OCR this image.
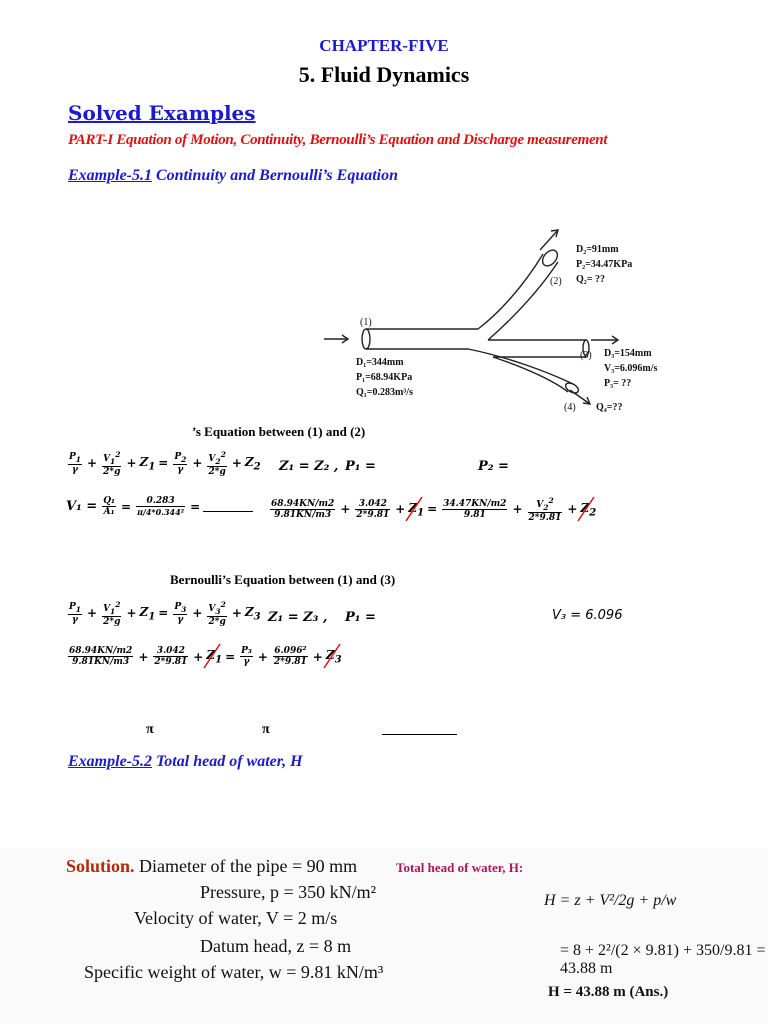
CHAPTER-FIVE
5. Fluid Dynamics
Solved Examples
PART-I Equation of Motion, Continuity, Bernoulli’s Equation and Discharge measurement
Example-5.1 Continuity and Bernoulli’s Equation
(1)
(2)
(3)
(4)
D₂=91mm
P₂=34.47KPa
Q₂= ??
D₁=344mm
P₁=68.94KPa
Q₁=0.283m³/s
D₃=154mm
V₃=6.096m/s
P₃= ??
Q₄=??
’s Equation between (1) and (2)
$\frac{P_1}{\gamma} + \frac{V_1^2}{2*g} + Z_1 = \frac{P_2}{\gamma} + \frac{V_2^2}{2*g} + Z_2$ Z₁ = Z₂ , P₁ =	P₂ =
$V_1 = \frac{\text{Q₁}}{\text{A₁}} = \frac{0.283}{\text{π/4*0.344²}}$ =	$\frac{68.94KN/m2}{9.81KN/m3} + \frac{3.042}{2*9.81} + Z_1 = \frac{34.47KN/m2}{9.81} + \frac{V_2^2}{2*9.81} + Z_2$
Bernoulli’s Equation between (1) and (3)
$\frac{P_1}{\gamma} + \frac{V_1^2}{2*g} + Z_1 = \frac{P_3}{\gamma} + \frac{V_3^2}{2*g} + Z_3$ Z₁ = Z₃ , P₁ =	V₃ = 6.096
$\frac{68.94KN/m2}{9.81KN/m3} + \frac{3.042}{2*9.81} + Z_1 = \frac{\text{P₃}}{\gamma} + \frac{\text{6.096²}}{2*9.81} + Z_3$
π	π
Example-5.2 Total head of water, H
Solution. Diameter of the pipe = 90 mm
Pressure, p = 350 kN/m²
Velocity of water, V = 2 m/s
Datum head, z = 8 m
Specific weight of water, w = 9.81 kN/m³
Total head of water, H:
H = z + V²/2g + p/w
= 8 + 2²/(2 × 9.81) + 350/9.81 = 43.88 m
H = 43.88 m (Ans.)
